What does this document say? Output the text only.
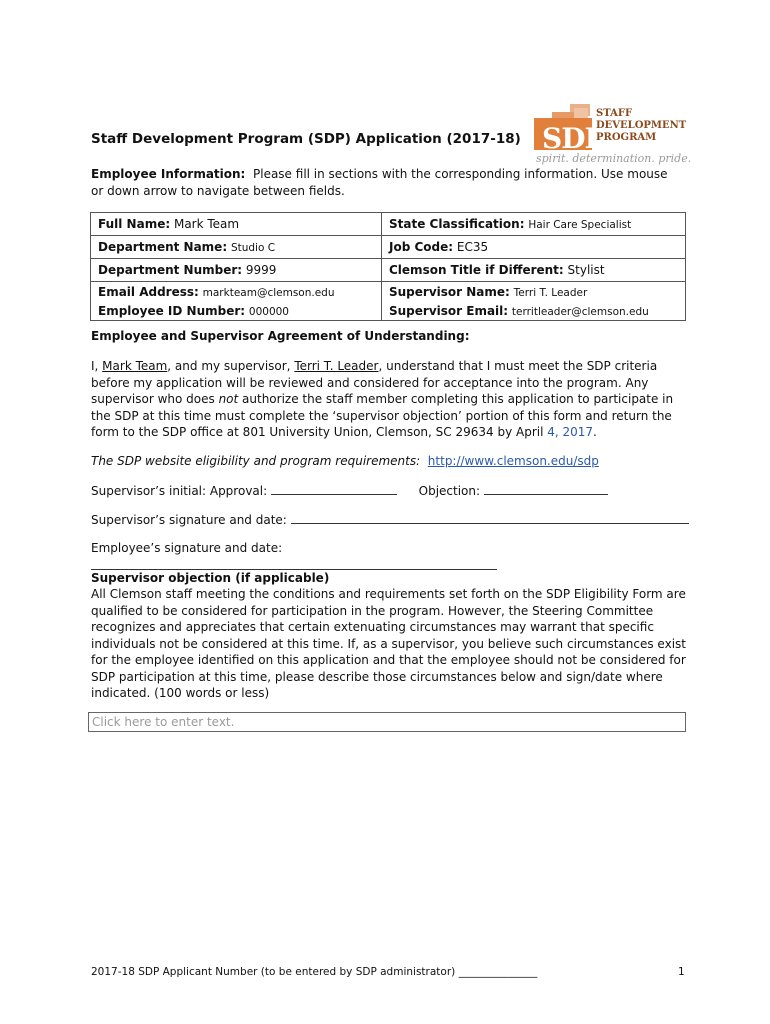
SDP
STAFF
DEVELOPMENT
PROGRAM
spirit. determination. pride.
Staff Development Program (SDP) Application (2017-18)
Employee Information: Please fill in sections with the corresponding information. Use mouse or down arrow to navigate between fields.
Full Name: Mark Team	State Classification: Hair Care Specialist
Department Name: Studio C	Job Code: EC35
Department Number: 9999	Clemson Title if Different: Stylist
Email Address: markteam@clemson.edu	Supervisor Name: Terri T. Leader
Employee ID Number: 000000	Supervisor Email: territleader@clemson.edu
Employee and Supervisor Agreement of Understanding:
I, Mark Team, and my supervisor, Terri T. Leader, understand that I must meet the SDP criteria before my application will be reviewed and considered for acceptance into the program. Any supervisor who does not authorize the staff member completing this application to participate in the SDP at this time must complete the ‘supervisor objection’ portion of this form and return the form to the SDP office at 801 University Union, Clemson, SC 29634 by April 4, 2017.
The SDP website eligibility and program requirements: http://www.clemson.edu/sdp
Supervisor’s initial: Approval:	Objection:
Supervisor’s signature and date:
Employee’s signature and date:
Supervisor objection (if applicable)
All Clemson staff meeting the conditions and requirements set forth on the SDP Eligibility Form are qualified to be considered for participation in the program. However, the Steering Committee recognizes and appreciates that certain extenuating circumstances may warrant that specific individuals not be considered at this time. If, as a supervisor, you believe such circumstances exist for the employee identified on this application and that the employee should not be considered for SDP participation at this time, please describe those circumstances below and sign/date where indicated. (100 words or less)
Click here to enter text.
2017-18 SDP Applicant Number (to be entered by SDP administrator) _______________	1
